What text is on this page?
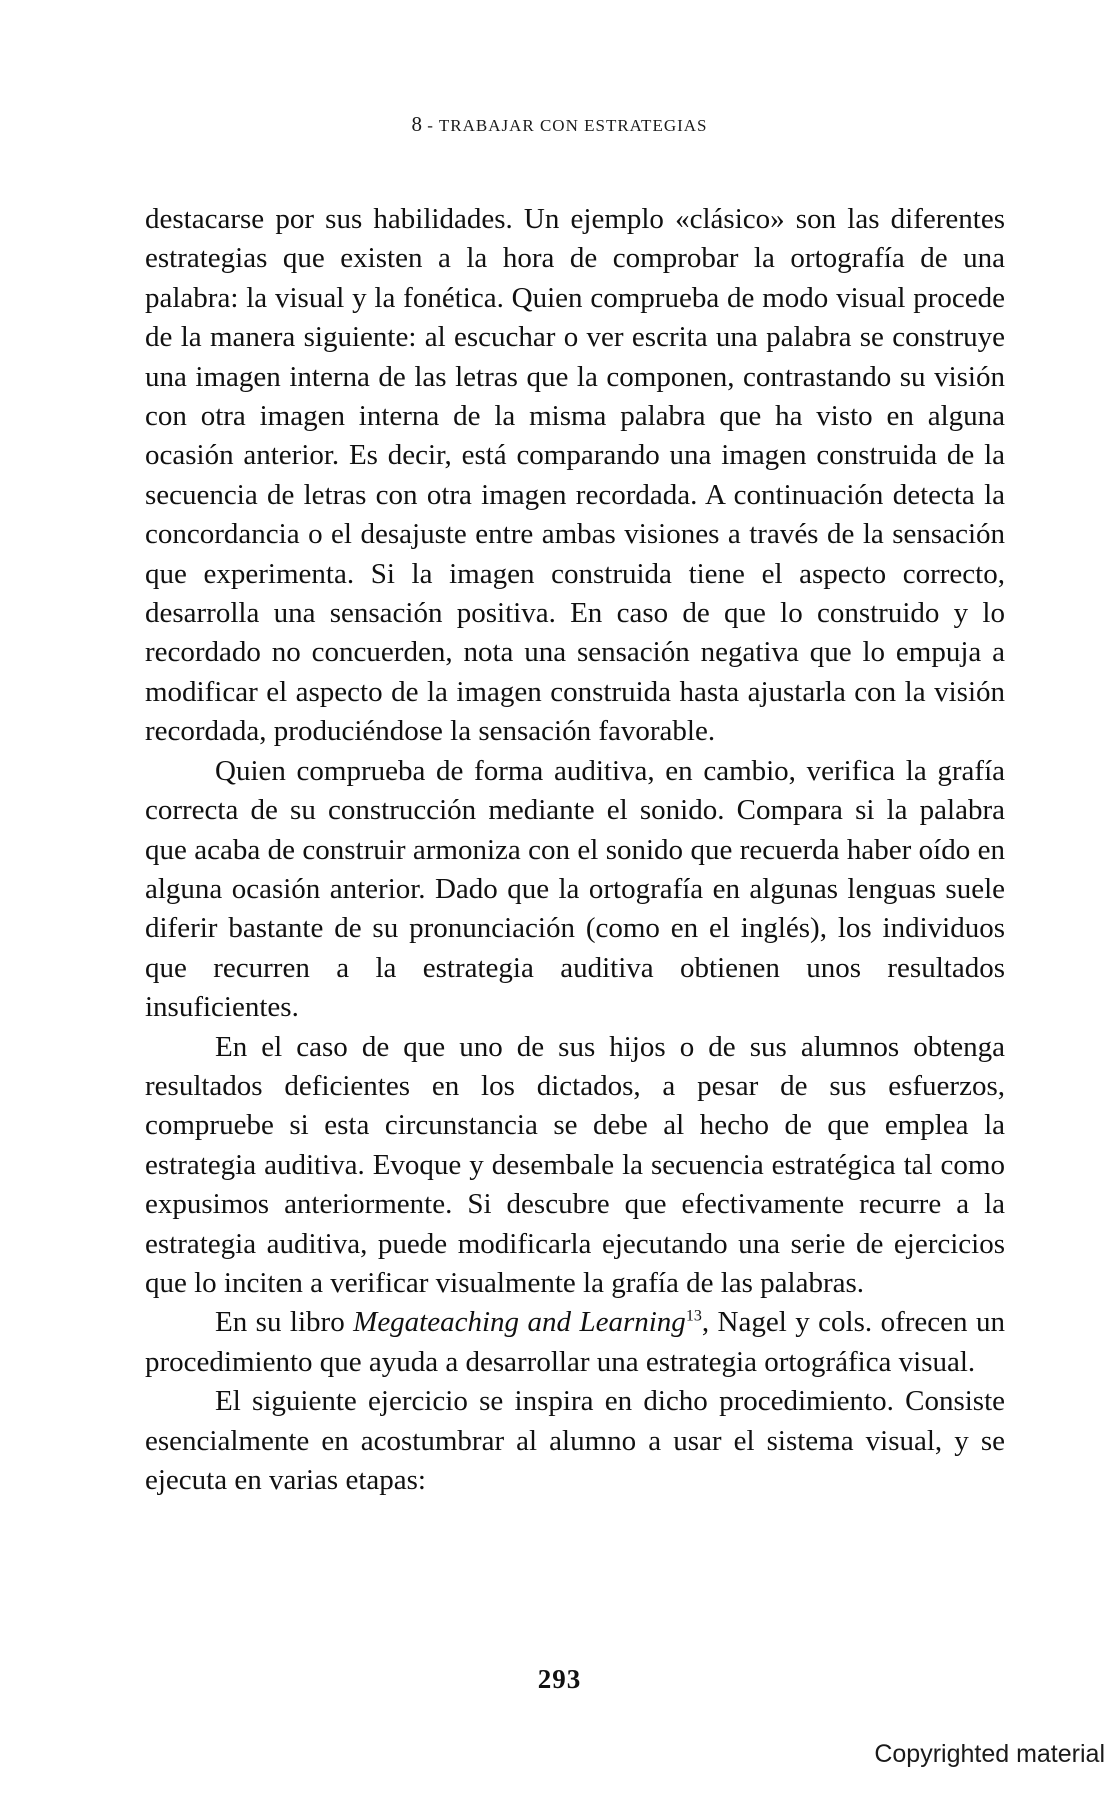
8 - TRABAJAR CON ESTRATEGIAS

destacarse por sus habilidades. Un ejemplo «clásico» son las diferentes estrategias que existen a la hora de comprobar la ortografía de una palabra: la visual y la fonética. Quien comprueba de modo visual procede de la manera siguiente: al escuchar o ver escrita una palabra se construye una imagen interna de las letras que la componen, contrastando su visión con otra imagen interna de la misma palabra que ha visto en alguna ocasión anterior. Es decir, está comparando una imagen construida de la secuencia de letras con otra imagen recordada. A continuación detecta la concordancia o el desajuste entre ambas visiones a través de la sensación que experimenta. Si la imagen construida tiene el aspecto correcto, desarrolla una sensación positiva. En caso de que lo construido y lo recordado no concuerden, nota una sensación negativa que lo empuja a modificar el aspecto de la imagen construida hasta ajustarla con la visión recordada, produciéndose la sensación favorable.

Quien comprueba de forma auditiva, en cambio, verifica la grafía correcta de su construcción mediante el sonido. Compara si la palabra que acaba de construir armoniza con el sonido que recuerda haber oído en alguna ocasión anterior. Dado que la ortografía en algunas lenguas suele diferir bastante de su pronunciación (como en el inglés), los individuos que recurren a la estrategia auditiva obtienen unos resultados insuficientes.

En el caso de que uno de sus hijos o de sus alumnos obtenga resultados deficientes en los dictados, a pesar de sus esfuerzos, compruebe si esta circunstancia se debe al hecho de que emplea la estrategia auditiva. Evoque y desembale la secuencia estratégica tal como expusimos anteriormente. Si descubre que efectivamente recurre a la estrategia auditiva, puede modificarla ejecutando una serie de ejercicios que lo inciten a verificar visualmente la grafía de las palabras.

En su libro Megateaching and Learning$^{13}$, Nagel y cols. ofrecen un procedimiento que ayuda a desarrollar una estrategia ortográfica visual.

El siguiente ejercicio se inspira en dicho procedimiento. Consiste esencialmente en acostumbrar al alumno a usar el sistema visual, y se ejecuta en varias etapas:

293
Copyrighted material
